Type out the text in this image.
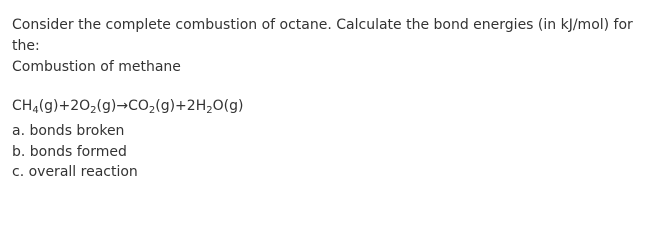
Consider the complete combustion of octane. Calculate the bond energies (in kJ/mol) for the:
Combustion of methane

$CH_4(g)+2O_2(g)\to CO_2(g)+2H_2O(g)$
a. bonds broken
b. bonds formed
c. overall reaction
